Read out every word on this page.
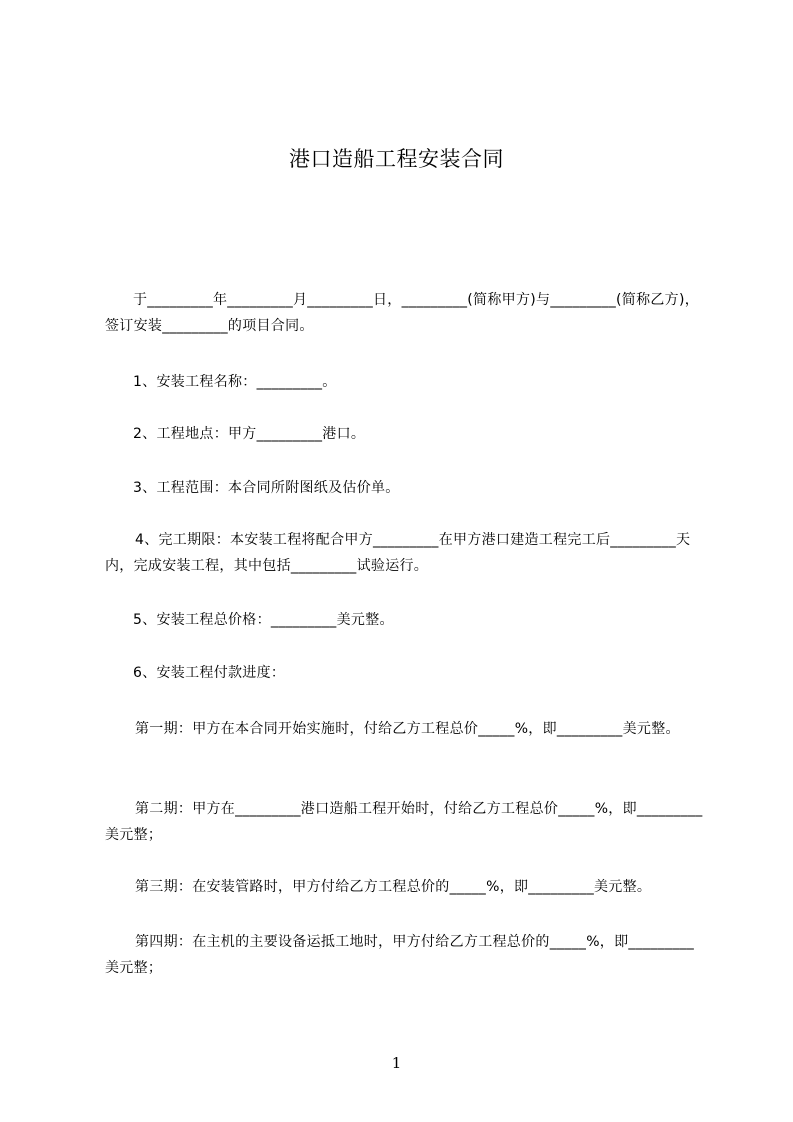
港口造船工程安装合同
于_________年_________月_________日，_________(简称甲方)与_________(简称乙方)，签订安装_________的项目合同。
1、安装工程名称：_________。
2、工程地点：甲方_________港口。
3、工程范围：本合同所附图纸及估价单。
4、完工期限：本安装工程将配合甲方_________在甲方港口建造工程完工后_________天内，完成安装工程，其中包括_________试验运行。
5、安装工程总价格：_________美元整。
6、安装工程付款进度：
第一期：甲方在本合同开始实施时，付给乙方工程总价_____%，即_________美元整。
第二期：甲方在_________港口造船工程开始时，付给乙方工程总价_____%，即_________美元整；
第三期：在安装管路时，甲方付给乙方工程总价的_____%，即_________美元整。
第四期：在主机的主要设备运抵工地时，甲方付给乙方工程总价的_____%，即_________美元整；
1
